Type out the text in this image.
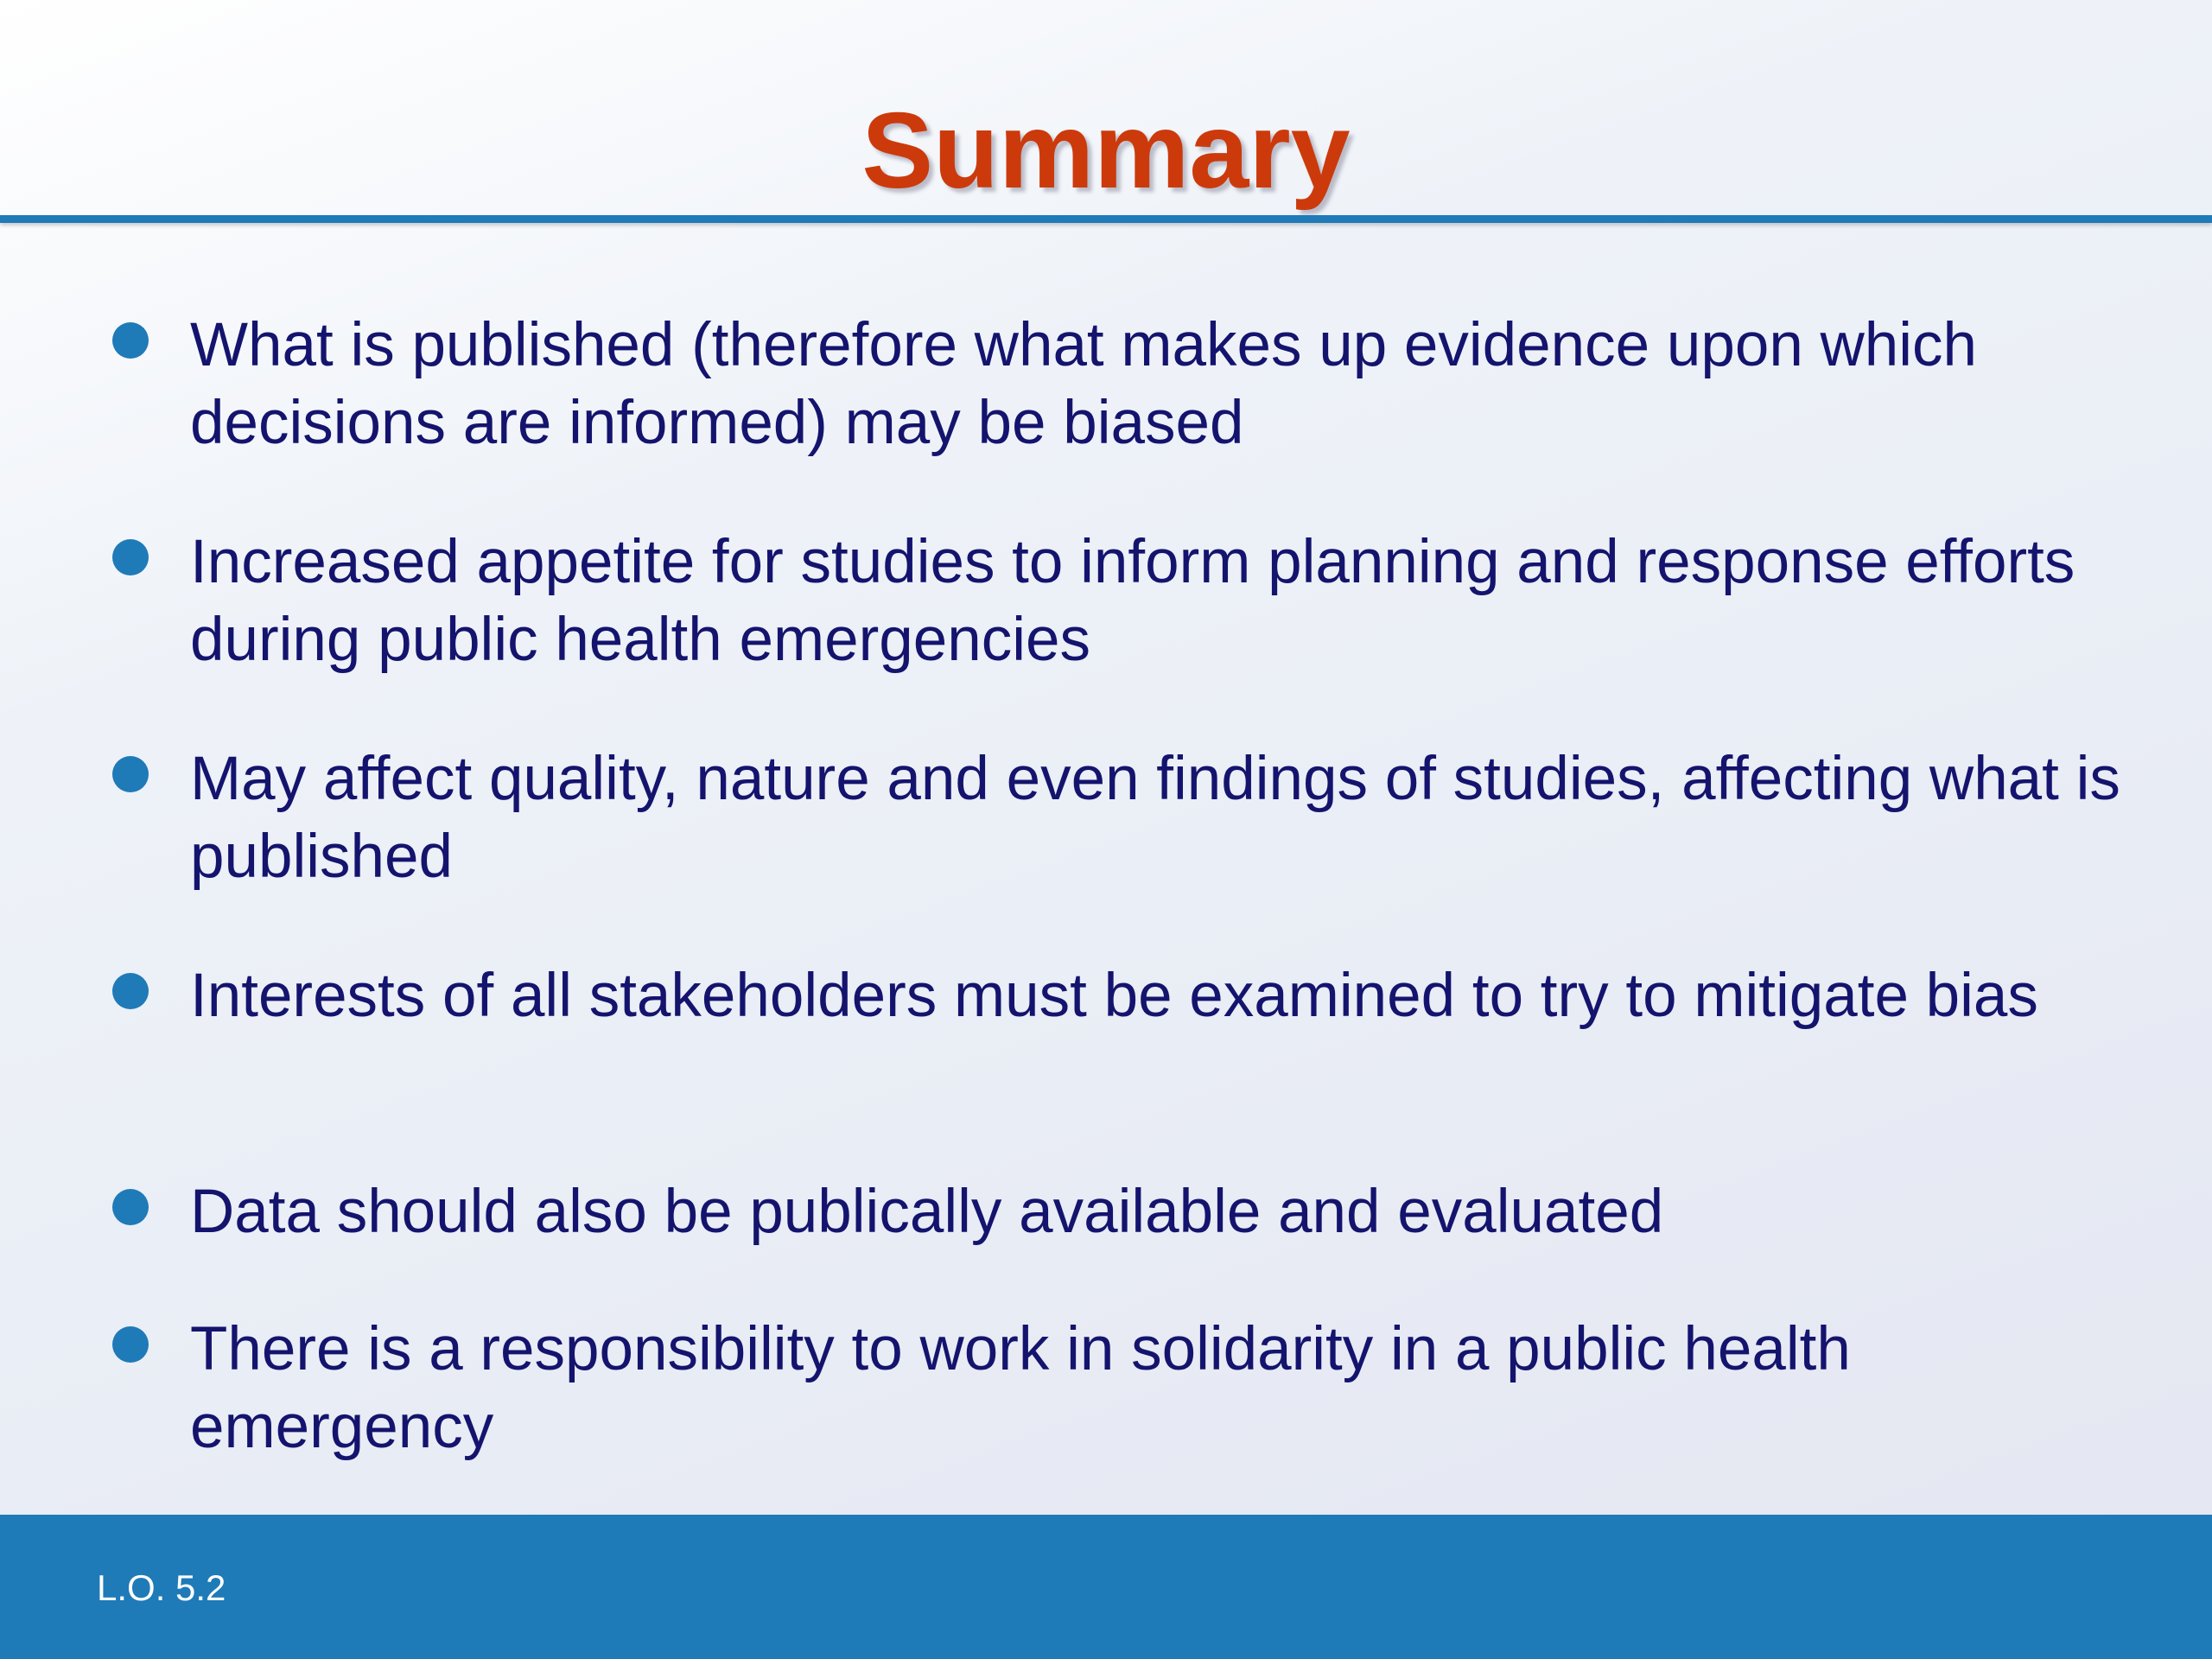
Summary
What is published (therefore what makes up evidence upon which decisions are informed) may be biased
Increased appetite for studies to inform planning and response efforts during public health emergencies
May affect quality, nature and even findings of studies, affecting what is published
Interests of all stakeholders must be examined to try to mitigate bias
Data should also be publically available and evaluated
There is a responsibility to work in solidarity in a public health emergency
L.O. 5.2
